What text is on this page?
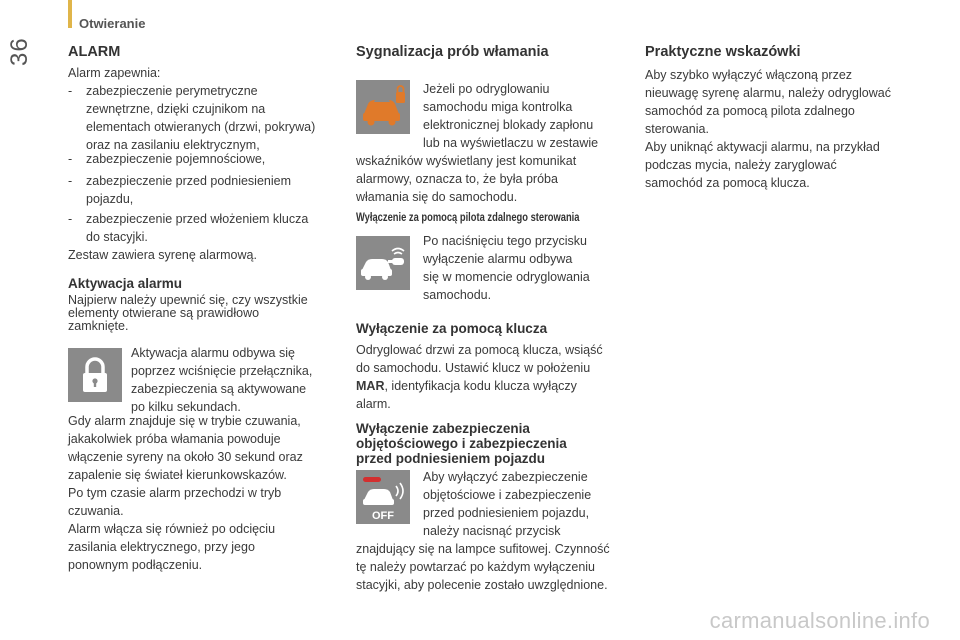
36
Otwieranie
ALARM

Alarm zapewnia:

- zabezpieczenie perymetryczne
zewnętrzne, dzięki czujnikom na
elementach otwieranych (drzwi, pokrywa)
oraz na zasilaniu elektrycznym,
- zabezpieczenie pojemnościowe,
- zabezpieczenie przed podniesieniem
pojazdu,
- zabezpieczenie przed włożeniem klucza
do stacyjki.

Zestaw zawiera syrenę alarmową.

Aktywacja alarmu

Najpierw należy upewnić się, czy wszystkie
elementy otwierane są prawidłowo
zamknięte.

Aktywacja alarmu odbywa się
poprzez wciśnięcie przełącznika,
zabezpieczenia są aktywowane
po kilku sekundach.

Gdy alarm znajduje się w trybie czuwania,
jakakolwiek próba włamania powoduje
włączenie syreny na około 30 sekund oraz
zapalenie się świateł kierunkowskazów.
Po tym czasie alarm przechodzi w tryb
czuwania.
Alarm włącza się również po odcięciu
zasilania elektrycznego, przy jego
ponownym podłączeniu.

Sygnalizacja prób włamania

Jeżeli po odryglowaniu
samochodu miga kontrolka
elektronicznej blokady zapłonu
lub na wyświetlaczu w zestawie

wskaźników wyświetlany jest komunikat
alarmowy, oznacza to, że była próba
włamania się do samochodu.

Wyłączenie za pomocą pilota zdalnego sterowania

Po naciśnięciu tego przycisku
wyłączenie alarmu odbywa
się w momencie odryglowania
samochodu.

Wyłączenie za pomocą klucza

Odryglować drzwi za pomocą klucza, wsiąść
do samochodu. Ustawić klucz w położeniu
MAR, identyfikacja kodu klucza wyłączy
alarm.

Wyłączenie zabezpieczenia
objętościowego i zabezpieczenia
przed podniesieniem pojazdu
OFF

Aby wyłączyć zabezpieczenie
objętościowe i zabezpieczenie
przed podniesieniem pojazdu,
należy nacisnąć przycisk

znajdujący się na lampce sufitowej. Czynność
tę należy powtarzać po każdym wyłączeniu
stacyjki, aby polecenie zostało uwzględnione.

Praktyczne wskazówki

Aby szybko wyłączyć włączoną przez
nieuwagę syrenę alarmu, należy odryglować
samochód za pomocą pilota zdalnego
sterowania.
Aby uniknąć aktywacji alarmu, na przykład
podczas mycia, należy zaryglować
samochód za pomocą klucza.

carmanualsonline.info
